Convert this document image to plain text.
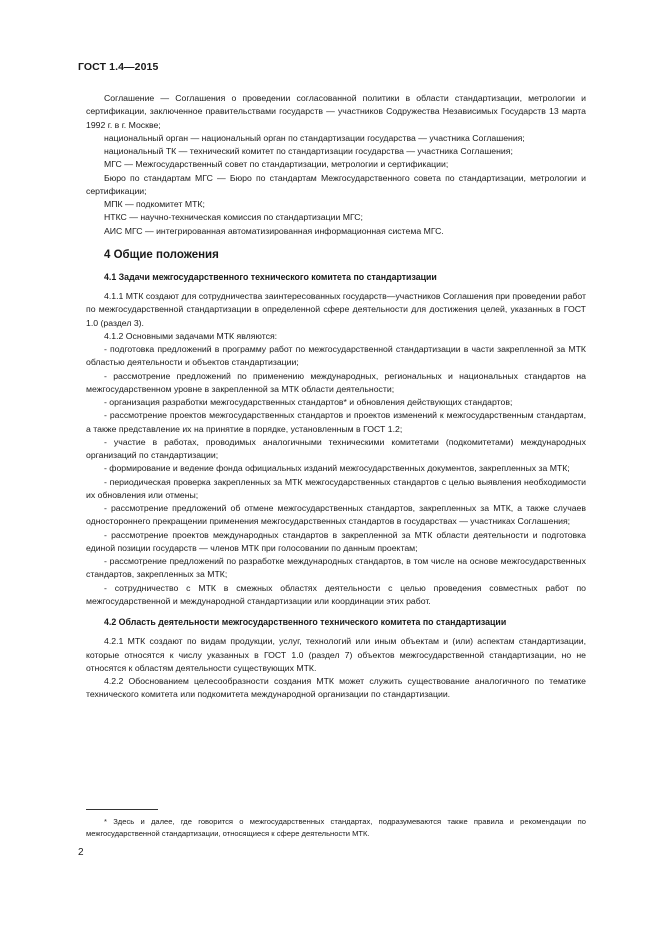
ГОСТ 1.4—2015

Соглашение — Соглашения о проведении согласованной политики в области стандартизации, метрологии и сертификации, заключенное правительствами государств — участников Содружества Независимых Государств 13 марта 1992 г. в г. Москве;

национальный орган — национальный орган по стандартизации государства — участника Соглашения;

национальный ТК — технический комитет по стандартизации государства — участника Соглашения;

МГС — Межгосударственный совет по стандартизации, метрологии и сертификации;

Бюро по стандартам МГС — Бюро по стандартам Межгосударственного совета по стандартизации, метрологии и сертификации;

МПК — подкомитет МТК;

НТКС — научно-техническая комиссия по стандартизации МГС;

АИС МГС — интегрированная автоматизированная информационная система МГС.

4 Общие положения
4.1 Задачи межгосударственного технического комитета по стандартизации

4.1.1 МТК создают для сотрудничества заинтересованных государств—участников Соглашения при проведении работ по межгосударственной стандартизации в определенной сфере деятельности для достижения целей, указанных в ГОСТ 1.0 (раздел 3).

4.1.2 Основными задачами МТК являются:

- подготовка предложений в программу работ по межгосударственной стандартизации в части закрепленной за МТК областью деятельности и объектов стандартизации;

- рассмотрение предложений по применению международных, региональных и национальных стандартов на межгосударственном уровне в закрепленной за МТК области деятельности;

- организация разработки межгосударственных стандартов* и обновления действующих стандартов;

- рассмотрение проектов межгосударственных стандартов и проектов изменений к межгосударственным стандартам, а также представление их на принятие в порядке, установленным в ГОСТ 1.2;

- участие в работах, проводимых аналогичными техническими комитетами (подкомитетами) международных организаций по стандартизации;

- формирование и ведение фонда официальных изданий межгосударственных документов, закрепленных за МТК;

- периодическая проверка закрепленных за МТК межгосударственных стандартов с целью выявления необходимости их обновления или отмены;

- рассмотрение предложений об отмене межгосударственных стандартов, закрепленных за МТК, а также случаев одностороннего прекращении применения межгосударственных стандартов в государствах — участниках Соглашения;

- рассмотрение проектов международных стандартов в закрепленной за МТК области деятельности и подготовка единой позиции государств — членов МТК при голосовании по данным проектам;

- рассмотрение предложений по разработке международных стандартов, в том числе на основе межгосударственных стандартов, закрепленных за МТК;

- сотрудничество с МТК в смежных областях деятельности с целью проведения совместных работ по межгосударственной и международной стандартизации или координации этих работ.

4.2 Область деятельности межгосударственного технического комитета по стандартизации

4.2.1 МТК создают по видам продукции, услуг, технологий или иным объектам и (или) аспектам стандартизации, которые относятся к числу указанных в ГОСТ 1.0 (раздел 7) объектов межгосударственной стандартизации, но не относятся к областям деятельности существующих МТК.

4.2.2 Обоснованием целесообразности создания МТК может служить существование аналогичного по тематике технического комитета или подкомитета международной организации по стандартизации.

* Здесь и далее, где говорится о межгосударственных стандартах, подразумеваются также правила и рекомендации по межгосударственной стандартизации, относящиеся к сфере деятельности МТК.

2
